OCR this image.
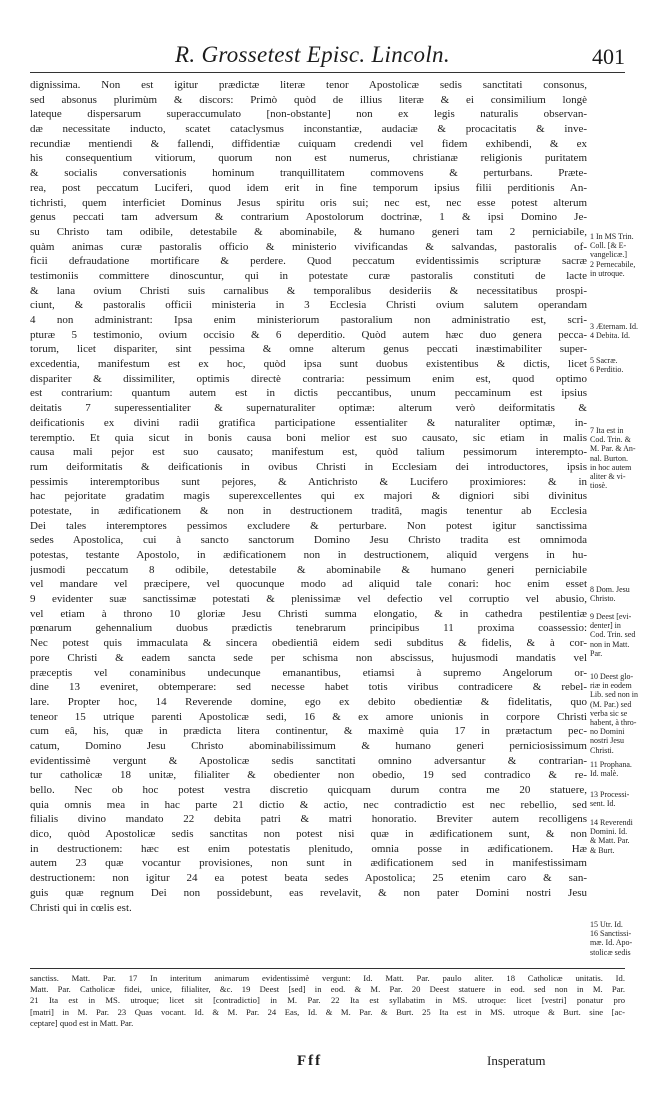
R. Grossetest Episc. Lincoln.	401
dignissima. Non est igitur prædictæ literæ tenor Apostolicæ sedis sanctitati consonus,
sed absonus plurimùm & discors: Primò quòd de illius literæ & ei consimilium longè
lateque dispersarum superaccumulato [non-obstante] non ex legis naturalis observan-
dæ necessitate inducto, scatet cataclysmus inconstantiæ, audaciæ & procacitatis & inve-
recundiæ mentiendi & fallendi, diffidentiæ cuiquam credendi vel fidem exhibendi, & ex
his consequentium vitiorum, quorum non est numerus, christianæ religionis puritatem
& socialis conversationis hominum tranquillitatem commovens & perturbans. Præte-
rea, post peccatum Luciferi, quod idem erit in fine temporum ipsius filii perditionis An-
tichristi, quem interficiet Dominus Jesus spiritu oris sui; nec est, nec esse potest alterum
genus peccati tam adversum & contrarium Apostolorum doctrinæ, 1 & ipsi Domino Je-
su Christo tam odibile, detestabile & abominabile, & humano generi tam 2 perniciabile,
quàm animas curæ pastoralis officio & ministerio vivificandas & salvandas, pastoralis of-
ficii defraudatione mortificare & perdere. Quod peccatum evidentissimis scripturæ sacræ
testimoniis committere dinoscuntur, qui in potestate curæ pastoralis constituti de lacte
& lana ovium Christi suis carnalibus & temporalibus desideriis & necessitatibus prospi-
ciunt, & pastoralis officii ministeria in 3 Ecclesia Christi ovium salutem operandam
4 non administrant: Ipsa enim ministeriorum pastoralium non administratio est, scri-
pturæ 5 testimonio, ovium occisio & 6 deperditio. Quòd autem hæc duo genera pecca-
torum, licet dispariter, sint pessima & omne alterum genus peccati inæstimabiliter super-
excedentia, manifestum est ex hoc, quòd ipsa sunt duobus existentibus & dictis, licet
dispariter & dissimiliter, optimis directè contraria: pessimum enim est, quod optimo
est contrarium: quantum autem est in dictis peccantibus, unum peccaminum est ipsius
deitatis 7 superessentialiter & supernaturaliter optimæ: alterum verò deiformitatis &
deificationis ex divini radii gratifica participatione essentialiter & naturaliter optimæ, in-
teremptio. Et quia sicut in bonis causa boni melior est suo causato, sic etiam in malis
causa mali pejor est suo causato; manifestum est, quòd talium pessimorum interempto-
rum deiformitatis & deificationis in ovibus Christi in Ecclesiam dei introductores, ipsis
pessimis interemptoribus sunt pejores, & Antichristo & Lucifero proximiores: & in
hac pejoritate gradatim magis superexcellentes qui ex majori & digniori sibi divinitus
potestate, in ædificationem & non in destructionem traditâ, magis tenentur ab Ecclesia
Dei tales interemptores pessimos excludere & perturbare. Non potest igitur sanctissima
sedes Apostolica, cui à sancto sanctorum Domino Jesu Christo tradita est omnimoda
potestas, testante Apostolo, in ædificationem non in destructionem, aliquid vergens in hu-
jusmodi peccatum 8 odibile, detestabile & abominabile & humano generi perniciabile
vel mandare vel præcipere, vel quocunque modo ad aliquid tale conari: hoc enim esset
9 evidenter suæ sanctissimæ potestati & plenissimæ vel defectio vel corruptio vel abusio,
vel etiam à throno 10 gloriæ Jesu Christi summa elongatio, & in cathedra pestilentiæ
pœnarum gehennalium duobus prædictis tenebrarum principibus 11 proxima coassessio:
Nec potest quis immaculata & sincera obedientiâ eidem sedi subditus & fidelis, & à cor-
pore Christi & eadem sancta sede per schisma non abscissus, hujusmodi mandatis vel
præceptis vel conaminibus undecunque emanantibus, etiamsi à supremo Angelorum or-
dine 13 eveniret, obtemperare: sed necesse habet totis viribus contradicere & rebel-
lare. Propter hoc, 14 Reverende domine, ego ex debito obedientiæ & fidelitatis, quo
teneor 15 utrique parenti Apostolicæ sedi, 16 & ex amore unionis in corpore Christi
cum eâ, his, quæ in prædicta litera continentur, & maximè quia 17 in prætactum pec-
catum, Domino Jesu Christo abominabilissimum & humano generi perniciosissimum
evidentissimè vergunt & Apostolicæ sedis sanctitati omnino adversantur & contrarian-
tur catholicæ 18 unitæ, filialiter & obedienter non obedio, 19 sed contradico & re-
bello. Nec ob hoc potest vestra discretio quicquam durum contra me 20 statuere,
quia omnis mea in hac parte 21 dictio & actio, nec contradictio est nec rebellio, sed
filialis divino mandato 22 debita patri & matri honoratio. Breviter autem recolligens
dico, quòd Apostolicæ sedis sanctitas non potest nisi quæ in ædificationem sunt, & non
in destructionem: hæc est enim potestatis plenitudo, omnia posse in ædificationem. Hæ
autem 23 quæ vocantur provisiones, non sunt in ædificationem sed in manifestissimam
destructionem: non igitur 24 ea potest beata sedes Apostolica; 25 etenim caro & san-
guis quæ regnum Dei non possidebunt, eas revelavit, & non pater Domini nostri Jesu
Christi qui in cœlis est.
1 In MS Trin.
Coll. [& E-
vangelicæ.]
2 Pernecabile,
in utroque.
3 Æternam. Id.
4 Debita. Id.
5 Sacræ.
6 Perditio.
7 Ita est in
Cod. Trin. &
M. Par. & An-
nal. Burton.
in hoc autem
aliter & vi-
tiosè.
8 Dom. Jesu
Christo.
9 Deest [evi-
denter] in
Cod. Trin. sed
non in Matt.
Par.
10 Deest glo-
riæ in eodem
Lib. sed non in
(M. Par.) sed
verba sic se
habent, à thro-
no Domini
nostri Jesu
Christi.
11 Prophana.
Id. malè.
13 Processi-
sent. Id.
14 Reverendi
Domini. Id.
& Matt. Par.
& Burt.
15 Utr. Id.
16 Sanctissi-
mæ. Id. Apo-
stolicæ sedis
sanctiss. Matt. Par. 17 In interitum animarum evidentissimè vergunt: Id. Matt. Par. paulo aliter. 18 Catholicæ unitatis. Id.
Matt. Par. Catholicæ fidei, unice, filialiter, &c. 19 Deest [sed] in eod. & M. Par. 20 Deest statuere in eod. sed non in M. Par.
21 Ita est in MS. utroque; licet sit [contradictio] in M. Par. 22 Ita est syllabatim in MS. utroque: licet [vestri] ponatur pro
[matri] in M. Par. 23 Quas vocant. Id. & M. Par. 24 Eas, Id. & M. Par. & Burt. 25 Ita est in MS. utroque & Burt. sine [ac-
ceptare] quod est in Matt. Par.
Fff	Insperatum
